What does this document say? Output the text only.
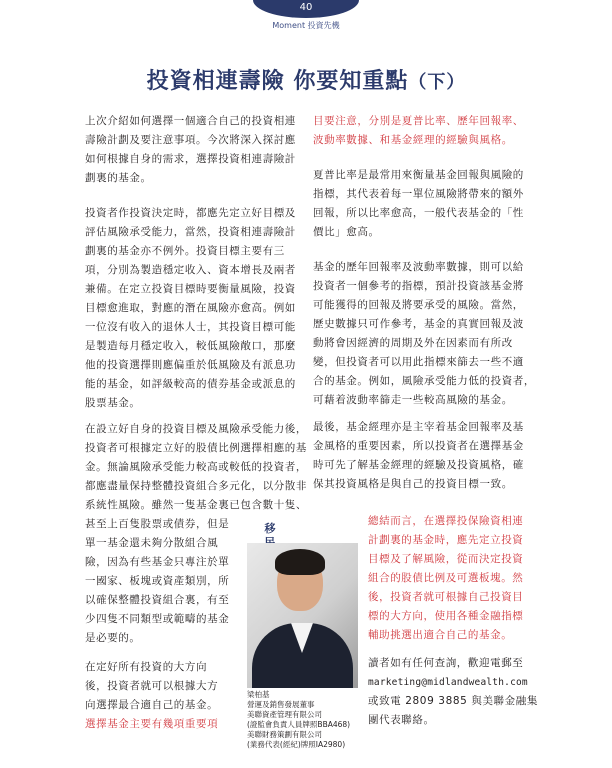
40
Moment 投資先機
投資相連壽險 你要知重點（下）
上次介紹如何選擇一個適合自己的投資相連
壽險計劃及要注意事項。今次將深入探討應
如何根據自身的需求，選擇投資相連壽險計
劃裏的基金。
投資者作投資決定時，都應先定立好目標及
評估風險承受能力，當然，投資相連壽險計
劃裏的基金亦不例外。投資目標主要有三
項，分別為製造穩定收入、資本增長及兩者
兼備。在定立投資目標時要衡量風險，投資
目標愈進取，對應的潛在風險亦愈高。例如
一位沒有收入的退休人士，其投資目標可能
是製造每月穩定收入，較低風險敞口，那麼
他的投資選擇則應偏重於低風險及有派息功
能的基金，如評級較高的債券基金或派息的
股票基金。
在設立好自身的投資目標及風險承受能力後，
投資者可根據定立好的股債比例選擇相應的基
金。無論風險承受能力較高或較低的投資者，
都應盡量保持整體投資組合多元化，以分散非
系統性風險。雖然一隻基金裏已包含數十隻、
甚至上百隻股票或債券，但是
單一基金還未夠分散組合風
險，因為有些基金只專注於單
一國家、板塊或資產類別，所
以確保整體投資組合裏，有至
少四隻不同類型或範疇的基金
是必要的。
在定好所有投資的大方向
後，投資者就可以根據大方
向選擇最合適自己的基金。
選擇基金主要有幾項重要項
移
梁柏基
營運及銷售發展董事
美聯資產管理有限公司
(證監會負責人員牌照BBA468)
美聯財務策劃有限公司
(業務代表(經紀)牌照IA2980)
目要注意，分別是夏普比率、歷年回報率、
波動率數據、和基金經理的經驗與風格。
夏普比率是最常用來衡量基金回報與風險的
指標，其代表着每一單位風險將帶來的額外
回報，所以比率愈高，一般代表基金的「性
價比」愈高。
基金的歷年回報率及波動率數據，則可以給
投資者一個參考的指標，預計投資該基金將
可能獲得的回報及將要承受的風險。當然，
歷史數據只可作參考，基金的真實回報及波
動將會因經濟的周期及外在因素而有所改
變，但投資者可以用此指標來篩去一些不適
合的基金。例如，風險承受能力低的投資者，
可藉着波動率篩走一些較高風險的基金。
最後，基金經理亦是主宰着基金回報率及基
金風格的重要因素，所以投資者在選擇基金
時可先了解基金經理的經驗及投資風格，確
保其投資風格是與自己的投資目標一致。
總結而言，在選擇投保險資相連
計劃裏的基金時，應先定立投資
目標及了解風險，從而決定投資
組合的股債比例及可選板塊。然
後，投資者就可根據自己投資目
標的大方向，使用各種金融指標
輔助挑選出適合自己的基金。
讀者如有任何查詢，歡迎電郵至
marketing@midlandwealth.com
或致電 2809 3885 與美聯金融集
團代表聯絡。
